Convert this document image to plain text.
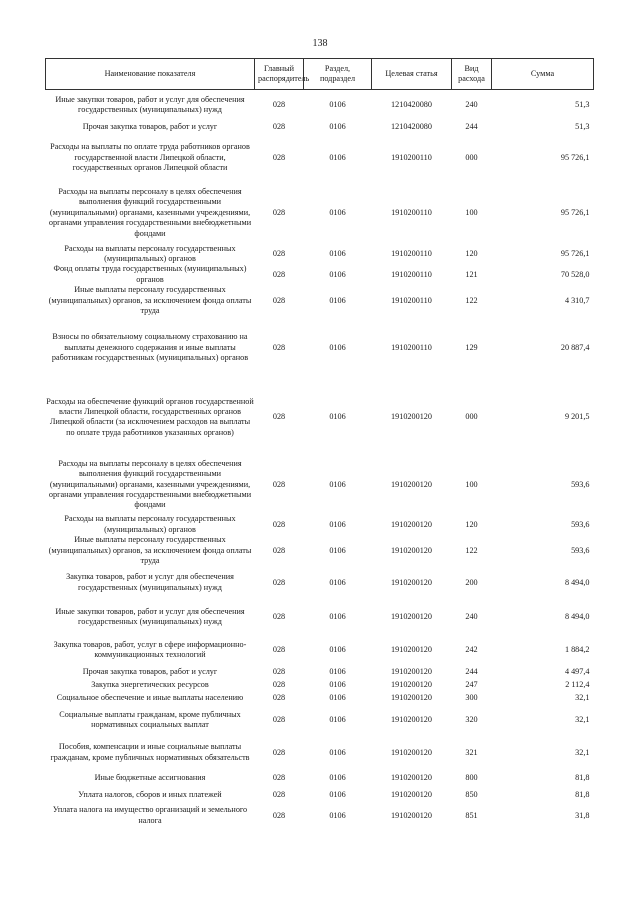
138
Наименование показателя	Главный распорядитель	Раздел, подраздел	Целевая статья	Вид расхода	Сумма
Иные закупки товаров, работ и услуг для обеспечения государственных (муниципальных) нужд	028	0106	1210420080	240	51,3
Прочая закупка товаров, работ и услуг	028	0106	1210420080	244	51,3
Расходы на выплаты по оплате труда работников органов государственной власти Липецкой области, государственных органов Липецкой области	028	0106	1910200110	000	95 726,1
Расходы на выплаты персоналу в целях обеспечения выполнения функций государственными (муниципальными) органами, казенными учреждениями, органами управления государственными внебюджетными фондами	028	0106	1910200110	100	95 726,1
Расходы на выплаты персоналу государственных (муниципальных) органов	028	0106	1910200110	120	95 726,1
Фонд оплаты труда государственных (муниципальных) органов	028	0106	1910200110	121	70 528,0
Иные выплаты персоналу государственных (муниципальных) органов, за исключением фонда оплаты труда	028	0106	1910200110	122	4 310,7
Взносы по обязательному социальному страхованию на выплаты денежного содержания и иные выплаты работникам государственных (муниципальных) органов	028	0106	1910200110	129	20 887,4
Расходы на обеспечение функций органов государственной власти Липецкой области, государственных органов Липецкой области (за исключением расходов на выплаты по оплате труда работников указанных органов)	028	0106	1910200120	000	9 201,5
Расходы на выплаты персоналу в целях обеспечения выполнения функций государственными (муниципальными) органами, казенными учреждениями, органами управления государственными внебюджетными фондами	028	0106	1910200120	100	593,6
Расходы на выплаты персоналу государственных (муниципальных) органов	028	0106	1910200120	120	593,6
Иные выплаты персоналу государственных (муниципальных) органов, за исключением фонда оплаты труда	028	0106	1910200120	122	593,6
Закупка товаров, работ и услуг для обеспечения государственных (муниципальных) нужд	028	0106	1910200120	200	8 494,0
Иные закупки товаров, работ и услуг для обеспечения государственных (муниципальных) нужд	028	0106	1910200120	240	8 494,0
Закупка товаров, работ, услуг в сфере информационно-коммуникационных технологий	028	0106	1910200120	242	1 884,2
Прочая закупка товаров, работ и услуг	028	0106	1910200120	244	4 497,4
Закупка энергетических ресурсов	028	0106	1910200120	247	2 112,4
Социальное обеспечение и иные выплаты населению	028	0106	1910200120	300	32,1
Социальные выплаты гражданам, кроме публичных нормативных социальных выплат	028	0106	1910200120	320	32,1
Пособия, компенсации и иные социальные выплаты гражданам, кроме публичных нормативных обязательств	028	0106	1910200120	321	32,1
Иные бюджетные ассигнования	028	0106	1910200120	800	81,8
Уплата налогов, сборов и иных платежей	028	0106	1910200120	850	81,8
Уплата налога на имущество организаций и земельного налога	028	0106	1910200120	851	31,8
